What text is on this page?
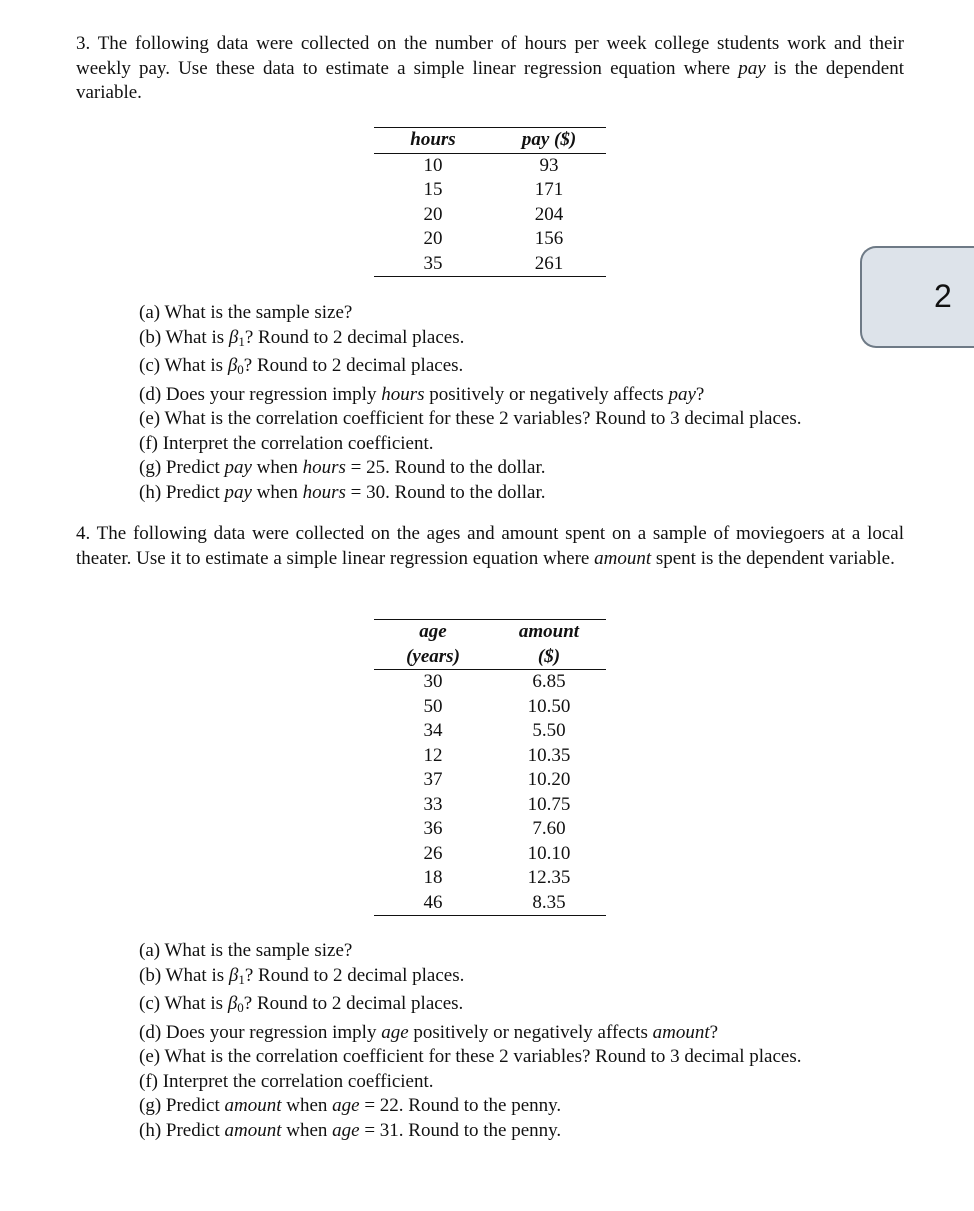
3. The following data were collected on the number of hours per week college students work and their weekly pay. Use these data to estimate a simple linear regression equation where pay is the dependent variable.

hours	pay ($)
10	93
15	171
20	204
20	156
35	261
(a) What is the sample size?
(b) What is $\beta_1$? Round to 2 decimal places.
(c) What is $\beta_0$? Round to 2 decimal places.
(d) Does your regression imply hours positively or negatively affects pay?
(e) What is the correlation coefficient for these 2 variables? Round to 3 decimal places.
(f) Interpret the correlation coefficient.
(g) Predict pay when hours = 25. Round to the dollar.
(h) Predict pay when hours = 30. Round to the dollar.

4. The following data were collected on the ages and amount spent on a sample of moviegoers at a local theater. Use it to estimate a simple linear regression equation where amount spent is the dependent variable.

age	amount
(years)	($)
30	6.85
50	10.50
34	5.50
12	10.35
37	10.20
33	10.75
36	7.60
26	10.10
18	12.35
46	8.35
(a) What is the sample size?
(b) What is $\beta_1$? Round to 2 decimal places.
(c) What is $\beta_0$? Round to 2 decimal places.
(d) Does your regression imply age positively or negatively affects amount?
(e) What is the correlation coefficient for these 2 variables? Round to 3 decimal places.
(f) Interpret the correlation coefficient.
(g) Predict amount when age = 22. Round to the penny.
(h) Predict amount when age = 31. Round to the penny.
2
